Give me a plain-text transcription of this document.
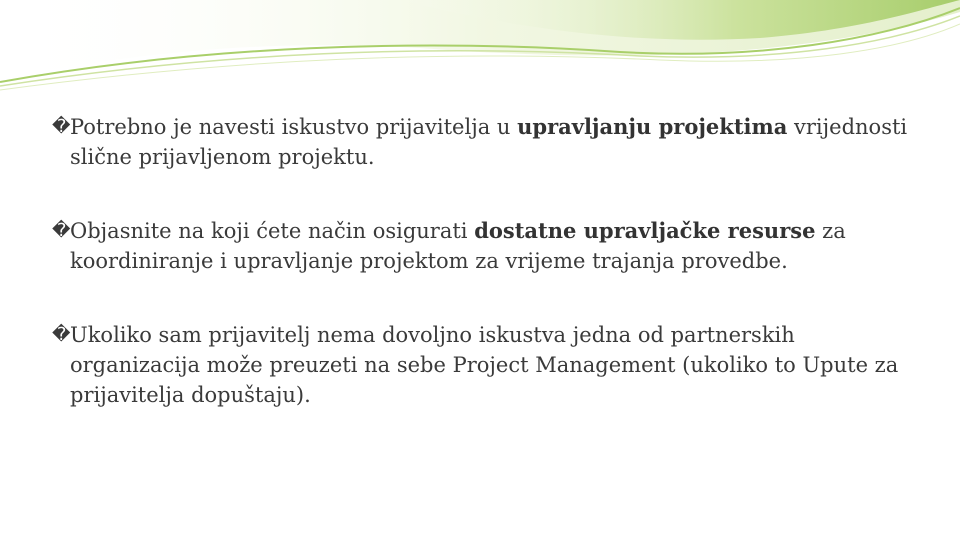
� Potrebno je navesti iskustvo prijavitelja u upravljanju projektima vrijednosti slične prijavljenom projektu.
� Objasnite na koji ćete način osigurati dostatne upravljačke resurse za koordiniranje i upravljanje projektom za vrijeme trajanja provedbe.
� Ukoliko sam prijavitelj nema dovoljno iskustva jedna od partnerskih organizacija može preuzeti na sebe Project Management (ukoliko to Upute za prijavitelja dopuštaju).
